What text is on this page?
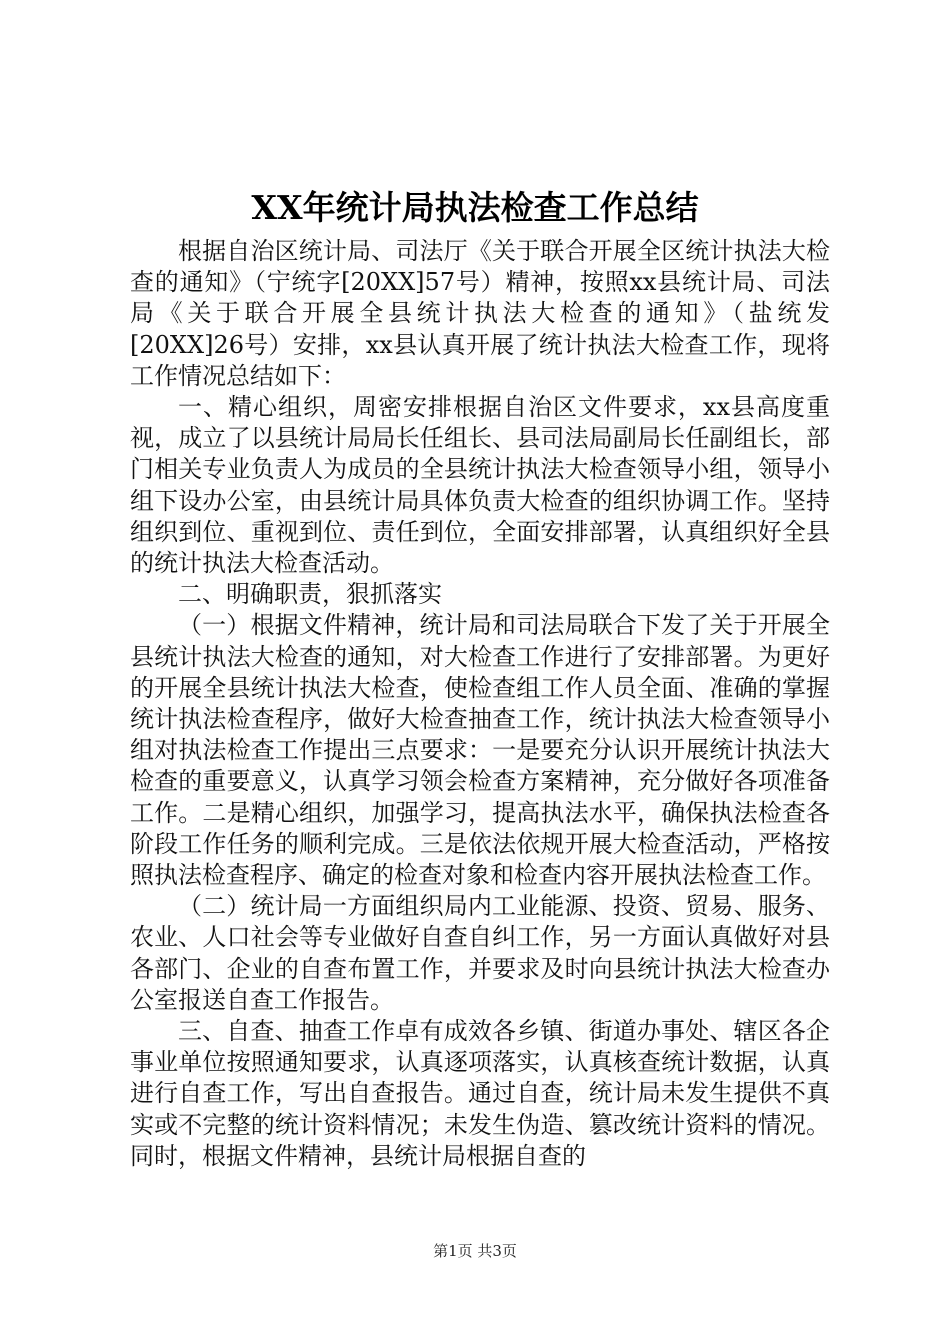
XX年统计局执法检查工作总结

根据自治区统计局、司法厅《关于联合开展全区统计执法大检查的通知》（宁统字[20XX]57号）精神，按照xx县统计局、司法局《关于联合开展全县统计执法大检查的通知》（盐统发[20XX]26号）安排，xx县认真开展了统计执法大检查工作，现将工作情况总结如下：

一、精心组织，周密安排根据自治区文件要求，xx县高度重视，成立了以县统计局局长任组长、县司法局副局长任副组长，部门相关专业负责人为成员的全县统计执法大检查领导小组，领导小组下设办公室，由县统计局具体负责大检查的组织协调工作。坚持组织到位、重视到位、责任到位，全面安排部署，认真组织好全县的统计执法大检查活动。

二、明确职责，狠抓落实

（一）根据文件精神，统计局和司法局联合下发了关于开展全县统计执法大检查的通知，对大检查工作进行了安排部署。为更好的开展全县统计执法大检查，使检查组工作人员全面、准确的掌握统计执法检查程序，做好大检查抽查工作，统计执法大检查领导小组对执法检查工作提出三点要求：一是要充分认识开展统计执法大检查的重要意义，认真学习领会检查方案精神，充分做好各项准备工作。二是精心组织，加强学习，提高执法水平，确保执法检查各阶段工作任务的顺利完成。三是依法依规开展大检查活动，严格按照执法检查程序、确定的检查对象和检查内容开展执法检查工作。

（二）统计局一方面组织局内工业能源、投资、贸易、服务、农业、人口社会等专业做好自查自纠工作，另一方面认真做好对县各部门、企业的自查布置工作，并要求及时向县统计执法大检查办公室报送自查工作报告。

三、自查、抽查工作卓有成效各乡镇、街道办事处、辖区各企事业单位按照通知要求，认真逐项落实，认真核查统计数据，认真进行自查工作，写出自查报告。通过自查，统计局未发生提供不真实或不完整的统计资料情况；未发生伪造、篡改统计资料的情况。同时，根据文件精神，县统计局根据自查的

第1页 共3页
